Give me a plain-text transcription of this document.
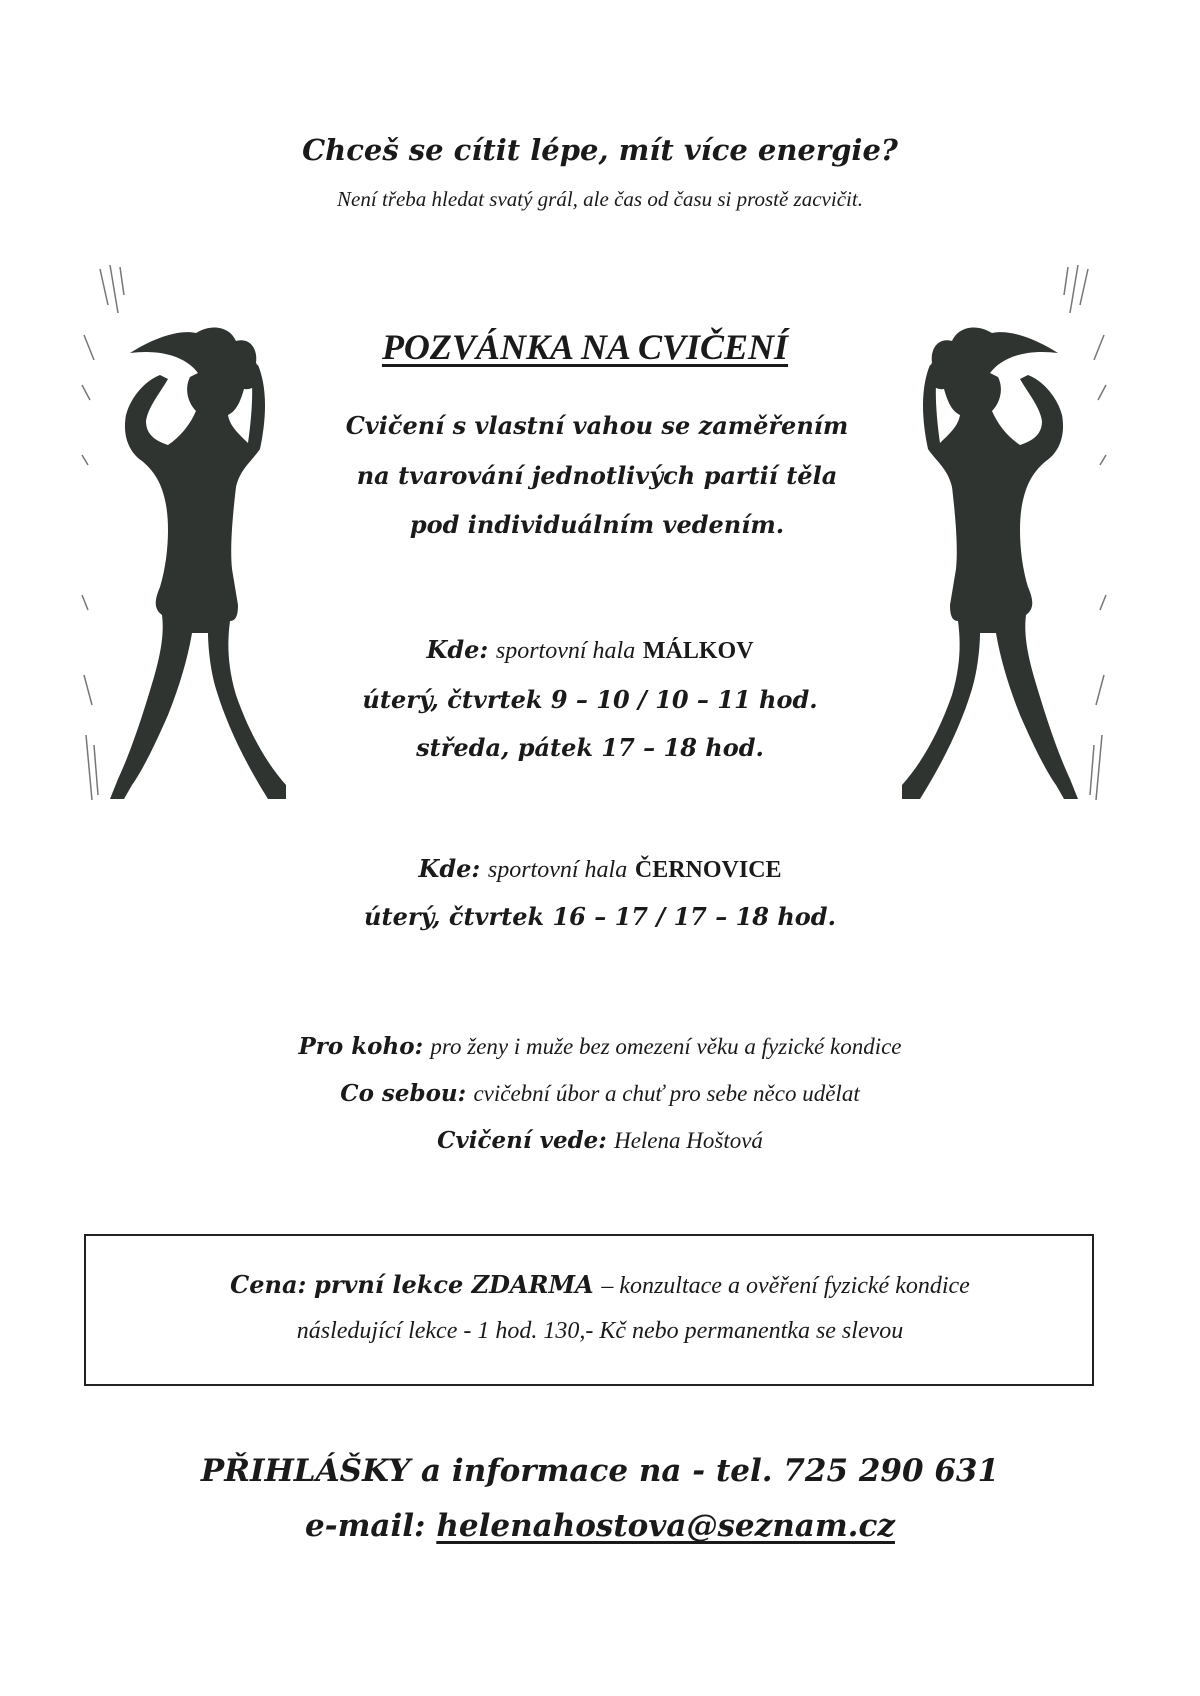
Chceš se cítit lépe, mít více energie?
Není třeba hledat svatý grál, ale čas od času si prostě zacvičit.
POZVÁNKA NA CVIČENÍ
Cvičení s vlastní vahou se zaměřením
na tvarování jednotlivých partií těla
pod individuálním vedením.
Kde: sportovní hala MÁLKOV
úterý, čtvrtek 9 – 10 / 10 – 11 hod.
středa, pátek 17 – 18 hod.
Kde: sportovní hala ČERNOVICE
úterý, čtvrtek 16 – 17 / 17 – 18 hod.
Pro koho: pro ženy i muže bez omezení věku a fyzické kondice
Co sebou: cvičební úbor a chuť pro sebe něco udělat
Cvičení vede: Helena Hoštová
Cena: první lekce ZDARMA – konzultace a ověření fyzické kondice
následující lekce - 1 hod. 130,- Kč nebo permanentka se slevou
PŘIHLÁŠKY a informace na - tel. 725 290 631
e-mail: helenahostova@seznam.cz
